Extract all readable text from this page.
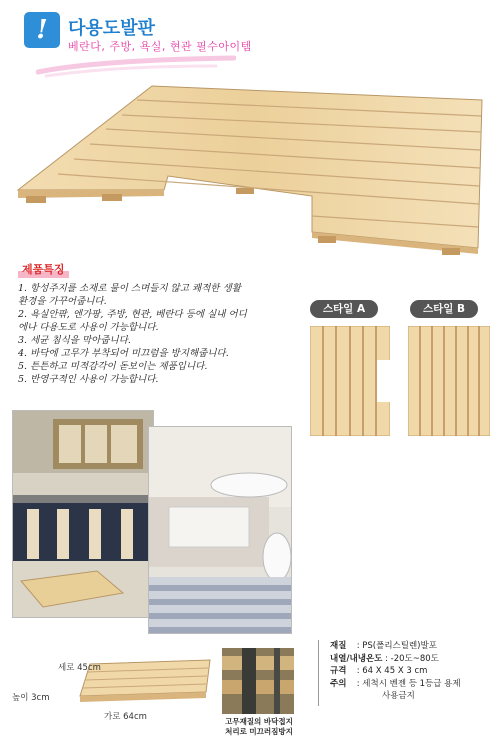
!	다용도발판
베란다, 주방, 욕실, 현관 필수아이템
제품특징
1. 항성주지를 소재로 물이 스며들지 않고 쾌적한 생활
환경을 가꾸어줍니다.
2. 욕실안팎, 엔가팡, 주방, 현관, 베란다 등에 실내 어디
에나 다용도로 사용이 가능합니다.
3. 세균 침식을 막아줍니다.
4. 바닥에 고무가 부착되어 미끄럼을 방지해줍니다.
5. 튼튼하고 미적감각이 돋보이는 제품입니다.
5. 반영구적인 사용이 가능합니다.
스타일 A	스타일 B
세로 45cm
높이 3cm
가로 64cm	고무재질의 바닥접지
처리로 미끄러짐방지
재질 : PS(폴리스틸렌)발포
내열/내냉온도 : -20도~80도
규격 : 64 X 45 X 3 cm
주의 : 세척시 벤젠 등 1등급 용제
사용금지
